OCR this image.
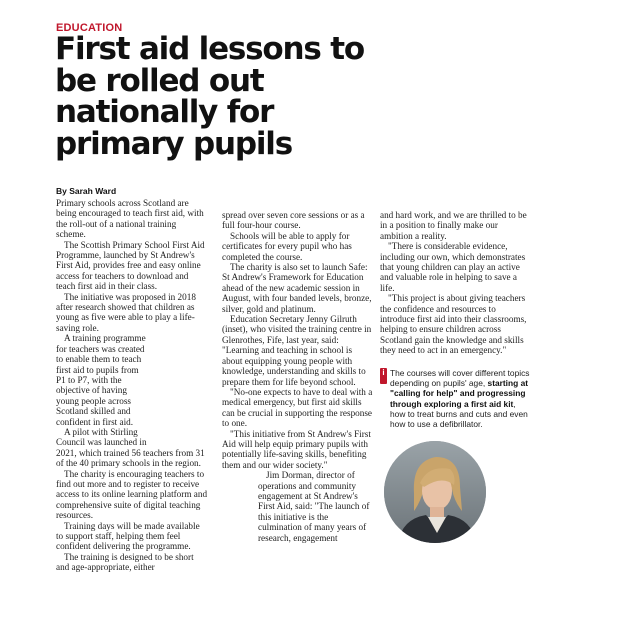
EDUCATION
First aid lessons to be rolled out nationally for primary pupils
By Sarah Ward

Primary schools across Scotland are being encouraged to teach first aid, with the roll-out of a national training scheme.

The Scottish Primary School First Aid Programme, launched by St Andrew's First Aid, provides free and easy online access for teachers to download and teach first aid in their class.

The initiative was proposed in 2018 after research showed that children as young as five were able to play a life-saving role.

A training programme for teachers was created to enable them to teach first aid to pupils from P1 to P7, with the objective of having young people across Scotland skilled and confident in first aid.

A pilot with Stirling Council was launched in

2021, which trained 56 teachers from 31 of the 40 primary schools in the region.

The charity is encouraging teachers to find out more and to register to receive access to its online learning platform and comprehensive suite of digital teaching resources.

Training days will be made available to support staff, helping them feel confident delivering the programme.

The training is designed to be short and age-appropriate, either

spread over seven core sessions or as a full four-hour course.

Schools will be able to apply for certificates for every pupil who has completed the course.

The charity is also set to launch Safe: St Andrew's Framework for Education ahead of the new academic session in August, with four banded levels, bronze, silver, gold and platinum.

Education Secretary Jenny Gilruth (inset), who visited the training centre in Glenrothes, Fife, last year, said: "Learning and teaching in school is about equipping young people with knowledge, understanding and skills to prepare them for life beyond school.

"No-one expects to have to deal with a medical emergency, but first aid skills can be crucial in supporting the response to one.

"This initiative from St Andrew's First Aid will help equip primary pupils with potentially life-saving skills, benefiting them and our wider society."

Jim Dorman, director of operations and community engagement at St Andrew's First Aid, said: "The launch of this initiative is the culmination of many years of research, engagement

and hard work, and we are thrilled to be in a position to finally make our ambition a reality.

"There is considerable evidence, including our own, which demonstrates that young children can play an active and valuable role in helping to save a life.

"This project is about giving teachers the confidence and resources to introduce first aid into their classrooms, helping to ensure children across Scotland gain the knowledge and skills they need to act in an emergency."

i The courses will cover different topics depending on pupils' age, starting at "calling for help" and progressing through exploring a first aid kit, how to treat burns and cuts and even how to use a defibrillator.
